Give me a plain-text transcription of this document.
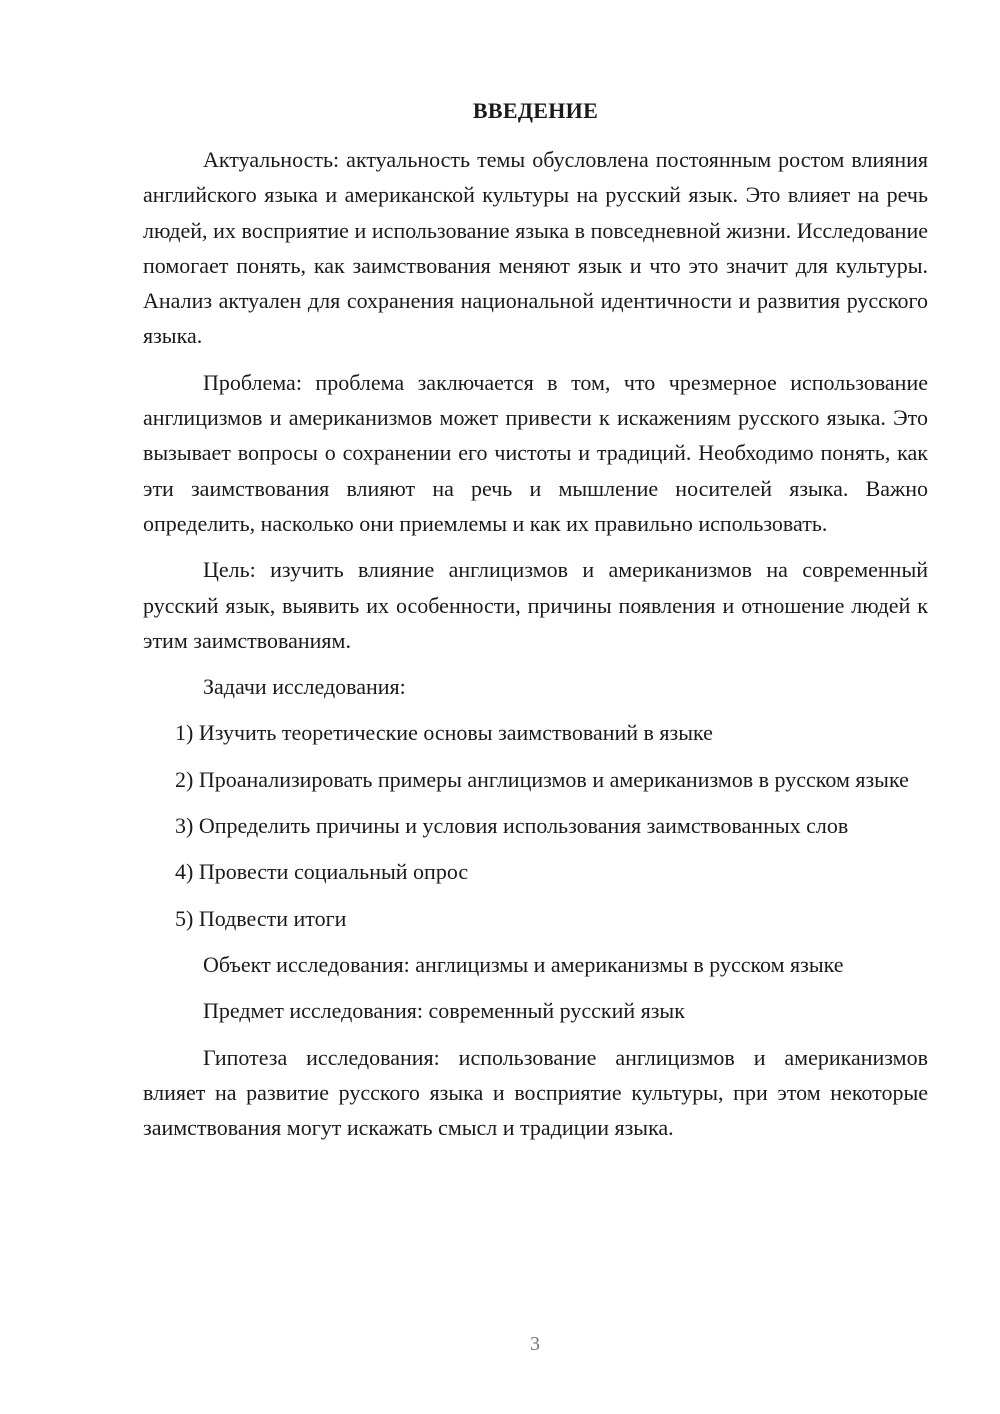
ВВЕДЕНИЕ

Актуальность: актуальность темы обусловлена постоянным ростом влияния английского языка и американской культуры на русский язык. Это влияет на речь людей, их восприятие и использование языка в повседневной жизни. Исследование помогает понять, как заимствования меняют язык и что это значит для культуры. Анализ актуален для сохранения национальной идентичности и развития русского языка.

Проблема: проблема заключается в том, что чрезмерное использование англицизмов и американизмов может привести к искажениям русского языка. Это вызывает вопросы о сохранении его чистоты и традиций. Необходимо понять, как эти заимствования влияют на речь и мышление носителей языка. Важно определить, насколько они приемлемы и как их правильно использовать.

Цель: изучить влияние англицизмов и американизмов на современный русский язык, выявить их особенности, причины появления и отношение людей к этим заимствованиям.

Задачи исследования:

1) Изучить теоретические основы заимствований в языке

2) Проанализировать примеры англицизмов и американизмов в русском языке

3) Определить причины и условия использования заимствованных слов

4) Провести социальный опрос

5) Подвести итоги

Объект исследования: англицизмы и американизмы в русском языке

Предмет исследования: современный русский язык

Гипотеза исследования: использование англицизмов и американизмов влияет на развитие русского языка и восприятие культуры, при этом некоторые заимствования могут искажать смысл и традиции языка.

3
